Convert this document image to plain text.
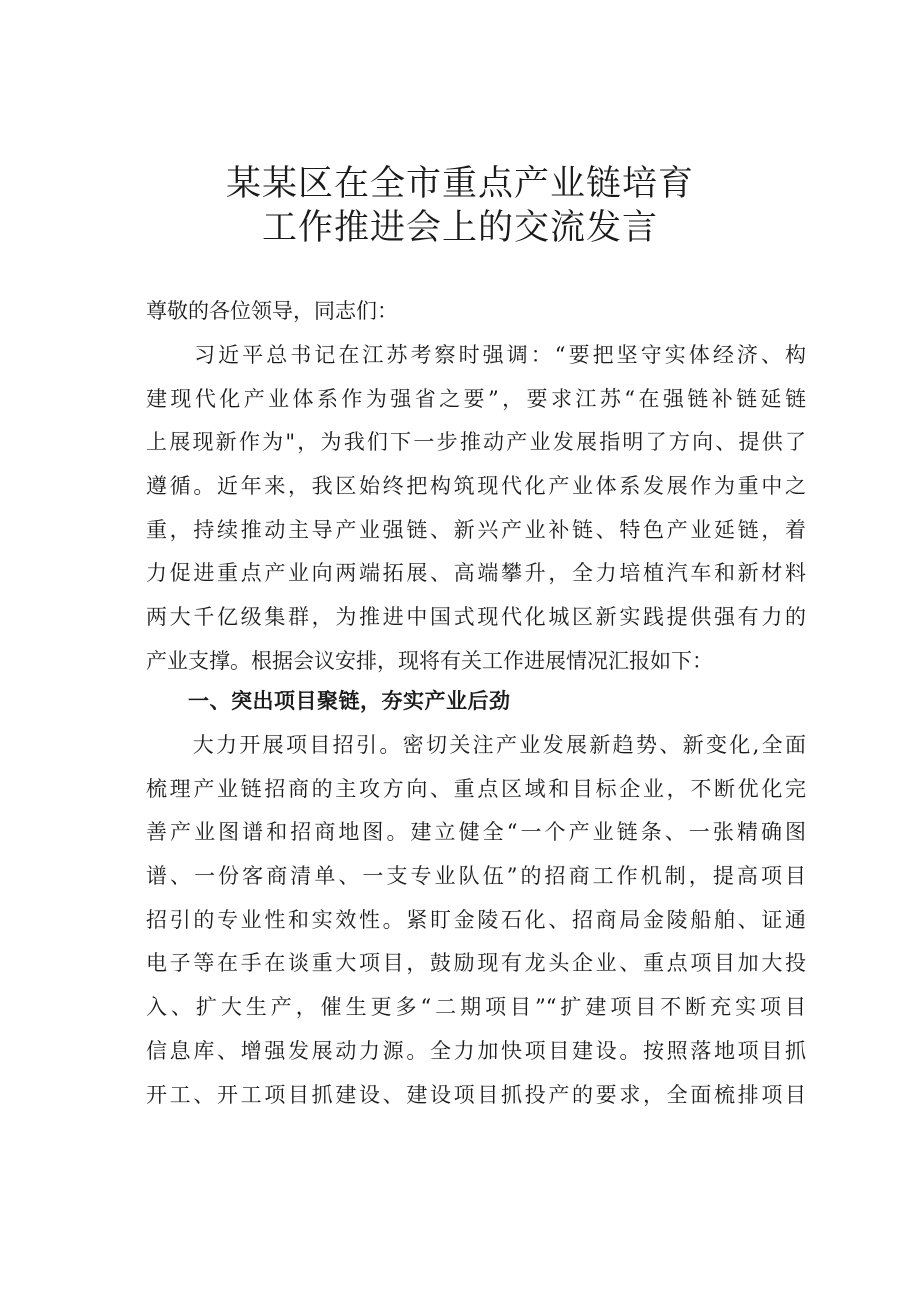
某某区在全市重点产业链培育
工作推进会上的交流发言

尊敬的各位领导，同志们：

　　习近平总书记在江苏考察时强调：“要把坚守实体经济、构
建现代化产业体系作为强省之要”，要求江苏“在强链补链延链
上展现新作为"，为我们下一步推动产业发展指明了方向、提供了
遵循。近年来，我区始终把构筑现代化产业体系发展作为重中之
重，持续推动主导产业强链、新兴产业补链、特色产业延链，着
力促进重点产业向两端拓展、高端攀升，全力培植汽车和新材料
两大千亿级集群，为推进中国式现代化城区新实践提供强有力的
产业支撑。根据会议安排，现将有关工作进展情况汇报如下：
一、突出项目聚链，夯实产业后劲
　　大力开展项目招引。密切关注产业发展新趋势、新变化,全面
梳理产业链招商的主攻方向、重点区域和目标企业，不断优化完
善产业图谱和招商地图。建立健全“一个产业链条、一张精确图
谱、一份客商清单、一支专业队伍”的招商工作机制，提高项目
招引的专业性和实效性。紧盯金陵石化、招商局金陵船舶、证通
电子等在手在谈重大项目，鼓励现有龙头企业、重点项目加大投
入、扩大生产，催生更多“二期项目”“扩建项目不断充实项目
信息库、增强发展动力源。全力加快项目建设。按照落地项目抓
开工、开工项目抓建设、建设项目抓投产的要求，全面梳排项目
